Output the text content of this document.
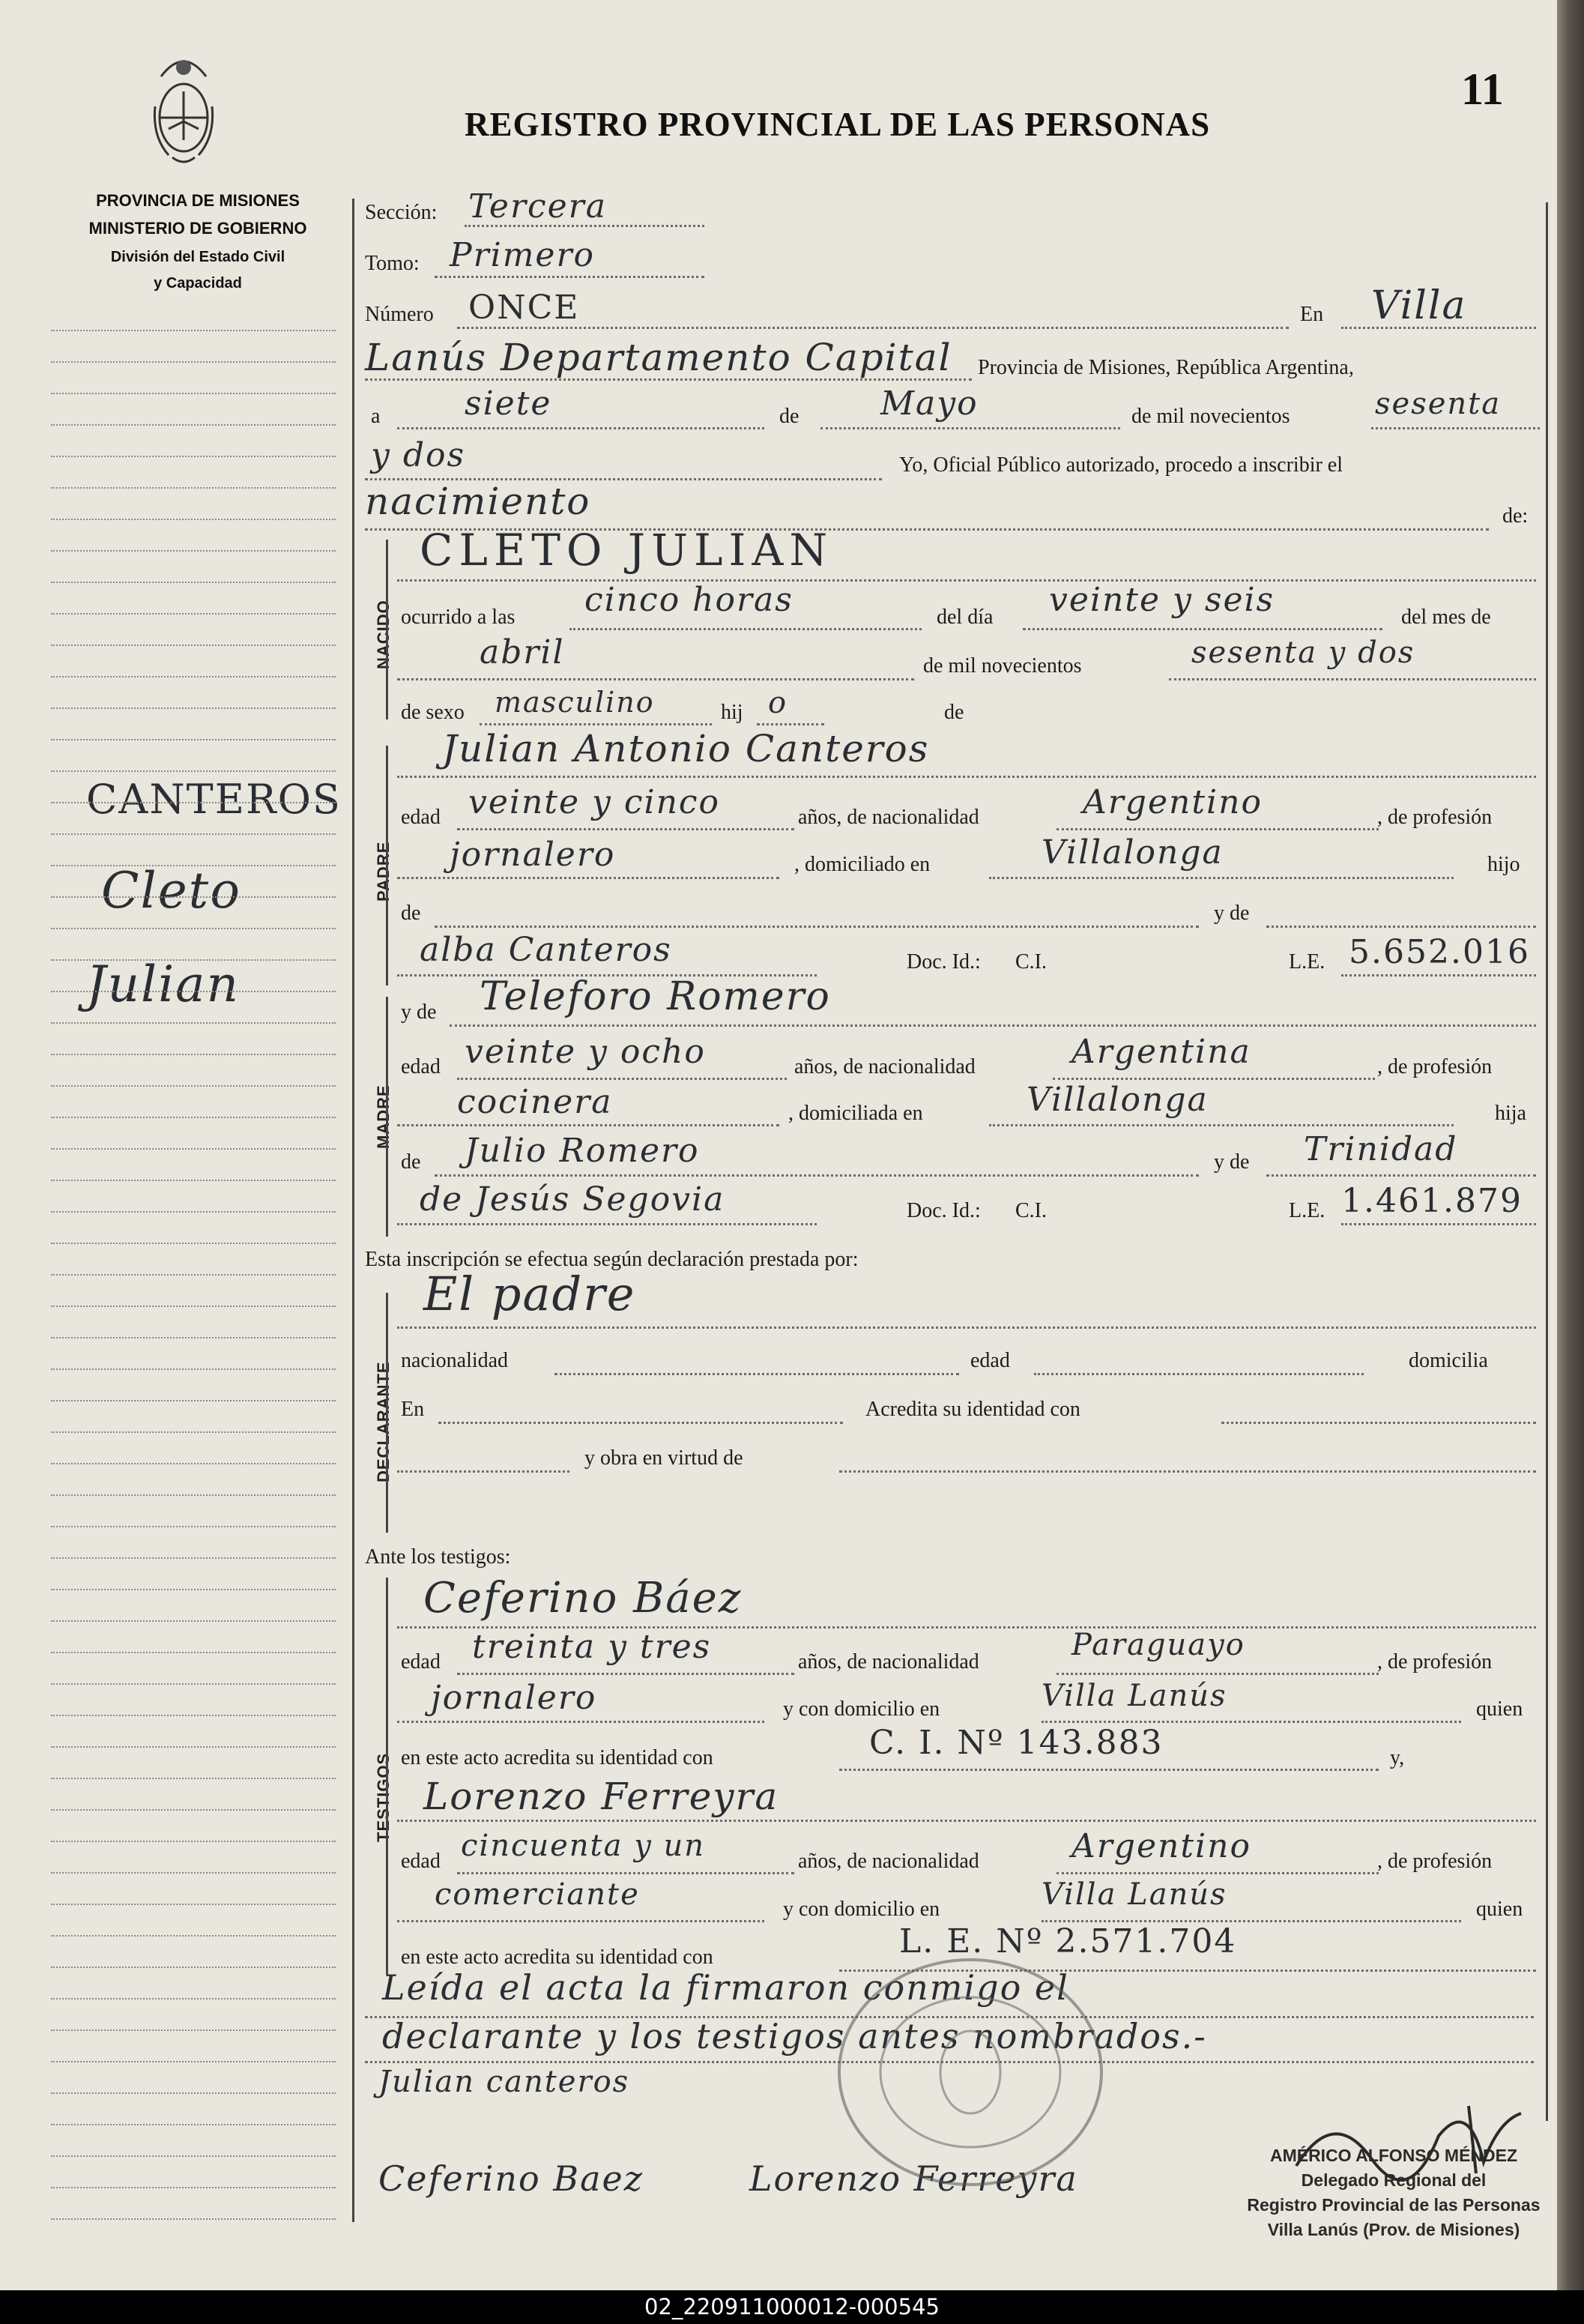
PROVINCIA DE MISIONES
MINISTERIO DE GOBIERNO
División del Estado Civil
y Capacidad
REGISTRO PROVINCIAL DE LAS PERSONAS
11
CANTEROS
Cleto
Julian
NACIDO
PADRE
MADRE
DECLARANTE
TESTIGOS
Sección: Tercera
Tomo: Primero
Número ONCE	En Villa
Lanús Departamento Capital Provincia de Misiones, República Argentina,
a	siete	de Mayo	de mil novecientos	sesenta
y dos	Yo, Oficial Público autorizado, procedo a inscribir el
nacimiento	de:
CLETO JULIAN
ocurrido a las cinco horas	del día veinte y seis	del mes de
abril	de mil novecientos	sesenta y dos
de sexo masculino	hij o	de
Julian Antonio Canteros
edad veinte y cinco	años, de nacionalidad	Argentino	, de profesión
jornalero	, domiciliado en	Villalonga	hijo
de	y de
alba Canteros	Doc. Id.: C.I.	L.E. 5.652.016
y de Teleforo Romero
edad veinte y ocho	años, de nacionalidad	Argentina	, de profesión
cocinera	, domiciliada en	Villalonga	hija
de Julio Romero	y de Trinidad
de Jesús Segovia	Doc. Id.: C.I.	L.E. 1.461.879
Esta inscripción se efectua según declaración prestada por:
El padre
nacionalidad	edad	domicilia
En	Acredita su identidad con
y obra en virtud de
Ante los testigos:
Ceferino Báez
edad treinta y tres	años, de nacionalidad	Paraguayo	, de profesión
jornalero	y con domicilio en	Villa Lanús	quien
en este acto acredita su identidad con	C. I. Nº 143.883	y,
Lorenzo Ferreyra
edad cincuenta y un	años, de nacionalidad	Argentino	, de profesión
comerciante	y con domicilio en	Villa Lanús	quien
en este acto acredita su identidad con	L. E. Nº 2.571.704
Leída el acta la firmaron conmigo el
declarante y los testigos antes nombrados.-
Julian canteros
Ceferino Baez	Lorenzo Ferreyra
AMÉRICO ALFONSO MÉNDEZ
Delegado Regional del
Registro Provincial de las Personas
Villa Lanús (Prov. de Misiones)
02_220911000012-000545
